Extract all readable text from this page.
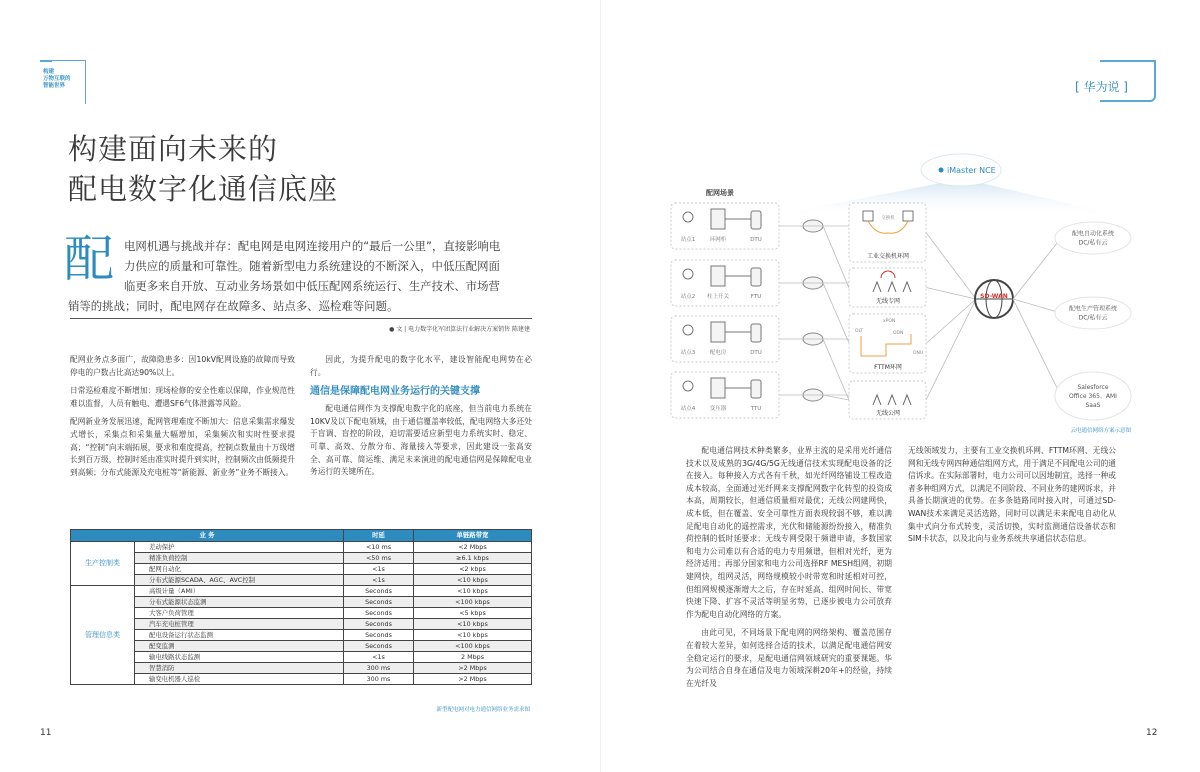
构建
万物互联的
智能世界
构建面向未来的
配电数字化通信底座
配 电网机遇与挑战并存：配电网是电网连接用户的“最后一公里”，直接影响电
力供应的质量和可靠性。随着新型电力系统建设的不断深入，中低压配网面
临更多来自开放、互动业务场景如中低压配网系统运行、生产技术、市场营
销等的挑战；同时，配电网存在故障多、站点多、巡检难等问题。
● 文 | 电力数字化军团算法行业解决方案销售 陈建建

配网业务点多面广，故障隐患多：因10kV配网设施的故障而导致停电的户数占比高达90%以上。

日常巡检难度不断增加：现场检修的安全性难以保障，作业规范性难以监督，人员有触电、遭遇SF6气体泄露等风险。

配网新业务发展迅速，配网管理难度不断加大：信息采集需求爆发式增长，采集点和采集量大幅增加，采集频次和实时性要求提高；“控制”向末端拓展，要求和难度提高，控制点数量由十万级增长到百万级，控制时延由准实时提升到实时，控制频次由低频提升到高频；分布式能源及充电桩等“新能源、新业务”业务不断接入。

因此，为提升配电的数字化水平，建设智能配电网势在必行。

通信是保障配电网业务运行的关键支撑

配电通信网作为支撑配电数字化的底座，但当前电力系统在10KV及以下配电领域，由于通信覆盖率较低，配电网络大多还处于盲调、盲控的阶段，迫切需要适应新型电力系统实时、稳定、可靠、高效、分散分布、海量接入等要求，因此建设一张高安全、高可靠、简运维、满足未来演进的配电通信网是保障配电业务运行的关键所在。

业 务		时延	单链路带宽
生产控制类	差动保护	<10 ms	<2 Mbps
	精准负荷控制	<50 ms	≥6.1 kbps
	配网自动化	<1s	<2 kbps
	分布式能源SCADA、AGC、AVC控制	<1s	<10 kbps
管理信息类	高级计量（AMI）	Seconds	<10 kbps
	分布式能源状态监测	Seconds	<100 kbps
	大客户负荷管理	Seconds	<5 kbps
	汽车充电桩管理	Seconds	<10 kbps
	配电设备运行状态监测	Seconds	<10 kbps
	配变监测	Seconds	<100 kbps
	输电线路状态监测	<1s	2 Mbps
	智慧消防	300 ms	>2 Mbps
	输变电机器人巡检	300 ms	>2 Mbps
新型配电网对电力通信网络业务需求图
11
[ 华为说 ]
iMaster NCE
配网场景
站点1	环网柜	DTU
站点2 柱上开关	FTU
站点3	配电房	DTU
站点4	变压器	TTU
交换机
工业交换机环网
无线专网
xPON
OLT	ODN
ONU
FTTM环网
无线公网
SD-WAN
配电自动化系统
DC/私有云
配电生产管理系统
DC/私有云
Salesforce
Office 365、AMI
SaaS
云电通信网络方案示意图

配电通信网技术种类繁多，业界主流的是采用光纤通信技术以及成熟的3G/4G/5G无线通信技术实现配电设备的泛在接入。每种接入方式各有千秋，如光纤网络铺设工程改造成本较高，全面通过光纤网来支撑配网数字化转型的投资成本高，周期较长，但通信质量相对最优；无线公网建网快，成本低，但在覆盖、安全可靠性方面表现较弱不够，难以满足配电自动化的遥控需求，光伏和储能源纷纷接入，精准负荷控制的低时延要求；无线专网受限于频谱申请，多数国家和电力公司难以有合适的电力专用频谱，但相对光纤，更为经济适用；再部分国家和电力公司选择RF MESH组网，初期建网快，组网灵活，网络规模较小时带宽和时延相对可控，但组网规模逐渐增大之后，存在时延高、组网时间长、带宽快速下降、扩容不灵活等明显劣势，已逐步被电力公司放弃作为配电自动化网络的方案。

由此可见，不同场景下配电网的网络架构、覆盖范围存在着较大差异，如何选择合适的技术，以满足配电通信网安全稳定运行的要求，是配电通信网领域研究的重要课题。华为公司结合自身在通信及电力领域深耕20年+的经验，持续在光纤及

无线领域发力，主要有工业交换机环网、FTTM环网、无线公网和无线专网四种通信组网方式，用于满足不同配电公司的通信诉求。在实际部署时，电力公司可以因地制宜，选择一种或者多种组网方式，以满足不同阶段、不同业务的建网诉求，并具备长期演进的优势。在多条链路同时接入时，可通过SD-WAN技术来满足灵活选路，同时可以满足未来配电自动化从集中式向分布式转变，灵活切换，实时监测通信设备状态和SIM卡状态，以及北向与业务系统共享通信状态信息。

12
